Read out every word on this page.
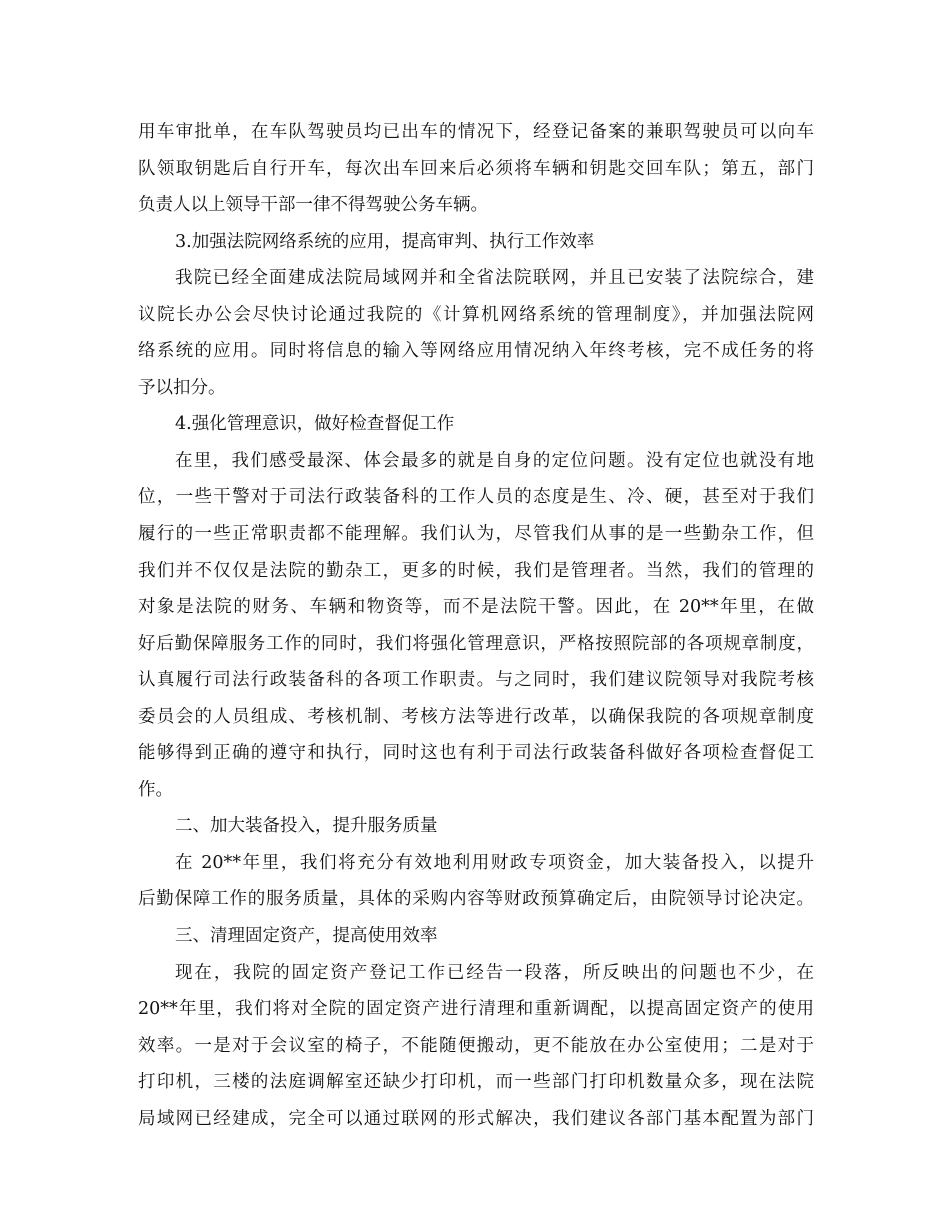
用车审批单，在车队驾驶员均已出车的情况下，经登记备案的兼职驾驶员可以向车
队领取钥匙后自行开车，每次出车回来后必须将车辆和钥匙交回车队；第五，部门
负责人以上领导干部一律不得驾驶公务车辆。
3.加强法院网络系统的应用，提高审判、执行工作效率
我院已经全面建成法院局域网并和全省法院联网，并且已安装了法院综合，建
议院长办公会尽快讨论通过我院的《计算机网络系统的管理制度》，并加强法院网
络系统的应用。同时将信息的输入等网络应用情况纳入年终考核，完不成任务的将
予以扣分。
4.强化管理意识，做好检查督促工作
在里，我们感受最深、体会最多的就是自身的定位问题。没有定位也就没有地
位，一些干警对于司法行政装备科的工作人员的态度是生、冷、硬，甚至对于我们
履行的一些正常职责都不能理解。我们认为，尽管我们从事的是一些勤杂工作，但
我们并不仅仅是法院的勤杂工，更多的时候，我们是管理者。当然，我们的管理的
对象是法院的财务、车辆和物资等，而不是法院干警。因此，在 20**年里，在做
好后勤保障服务工作的同时，我们将强化管理意识，严格按照院部的各项规章制度，
认真履行司法行政装备科的各项工作职责。与之同时，我们建议院领导对我院考核
委员会的人员组成、考核机制、考核方法等进行改革，以确保我院的各项规章制度
能够得到正确的遵守和执行，同时这也有利于司法行政装备科做好各项检查督促工
作。
二、加大装备投入，提升服务质量
在 20**年里，我们将充分有效地利用财政专项资金，加大装备投入，以提升
后勤保障工作的服务质量，具体的采购内容等财政预算确定后，由院领导讨论决定。
三、清理固定资产，提高使用效率
现在，我院的固定资产登记工作已经告一段落，所反映出的问题也不少，在
20**年里，我们将对全院的固定资产进行清理和重新调配，以提高固定资产的使用
效率。一是对于会议室的椅子，不能随便搬动，更不能放在办公室使用；二是对于
打印机，三楼的法庭调解室还缺少打印机，而一些部门打印机数量众多，现在法院
局域网已经建成，完全可以通过联网的形式解决，我们建议各部门基本配置为部门
